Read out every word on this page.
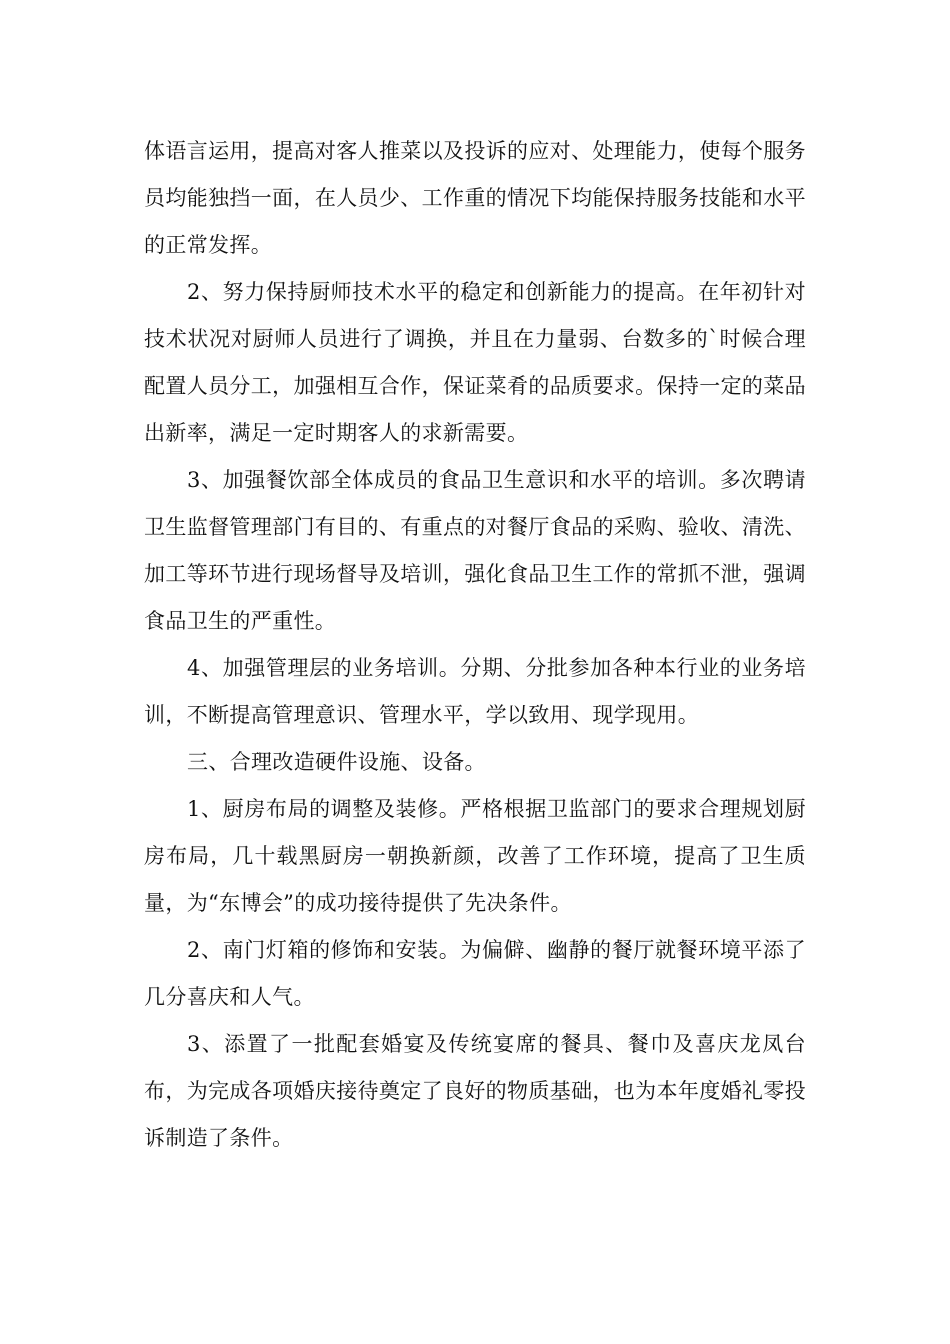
体语言运用，提高对客人推菜以及投诉的应对、处理能力，使每个服务员均能独挡一面，在人员少、工作重的情况下均能保持服务技能和水平的正常发挥。

2、努力保持厨师技术水平的稳定和创新能力的提高。在年初针对技术状况对厨师人员进行了调换，并且在力量弱、台数多的`时候合理配置人员分工，加强相互合作，保证菜肴的品质要求。保持一定的菜品出新率，满足一定时期客人的求新需要。

3、加强餐饮部全体成员的食品卫生意识和水平的培训。多次聘请卫生监督管理部门有目的、有重点的对餐厅食品的采购、验收、清洗、加工等环节进行现场督导及培训，强化食品卫生工作的常抓不泄，强调食品卫生的严重性。

4、加强管理层的业务培训。分期、分批参加各种本行业的业务培训，不断提高管理意识、管理水平，学以致用、现学现用。

三、合理改造硬件设施、设备。

1、厨房布局的调整及装修。严格根据卫监部门的要求合理规划厨房布局，几十载黑厨房一朝换新颜，改善了工作环境，提高了卫生质量，为“东博会”的成功接待提供了先决条件。

2、南门灯箱的修饰和安装。为偏僻、幽静的餐厅就餐环境平添了几分喜庆和人气。

3、添置了一批配套婚宴及传统宴席的餐具、餐巾及喜庆龙凤台布，为完成各项婚庆接待奠定了良好的物质基础，也为本年度婚礼零投诉制造了条件。
